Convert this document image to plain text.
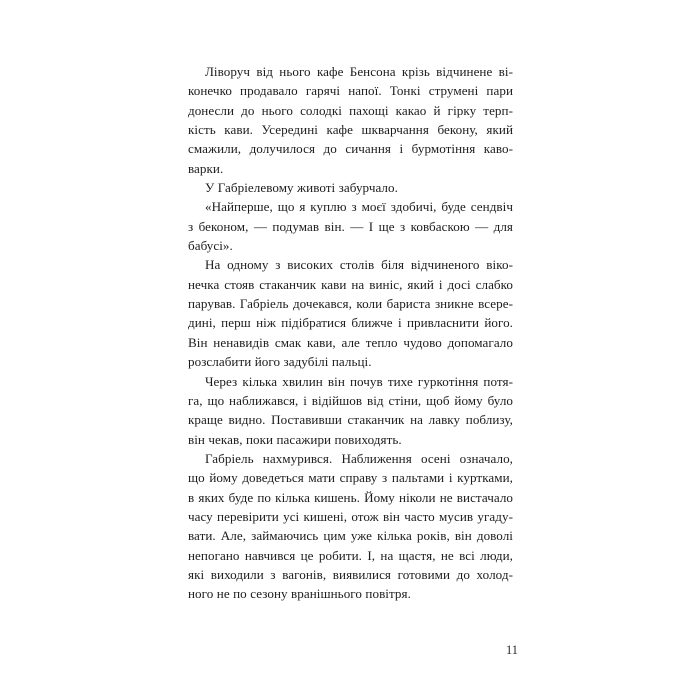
Ліворуч від нього кафе Бенсона крізь відчинене ві-
конечко продавало гарячі напої. Тонкі струмені пари
донесли до нього солодкі пахощі какао й гірку терп-
кість кави. Усередині кафе шкварчання бекону, який
смажили, долучилося до сичання і бурмотіння каво-
варки.

У Габріелевому животі забурчало.

«Найперше, що я куплю з моєї здобичі, буде сендвіч
з беконом, — подумав він. — І ще з ковбаскою — для
бабусі».

На одному з високих столів біля відчиненого віко-
нечка стояв стаканчик кави на виніс, який і досі слабко
парував. Габріель дочекався, коли бариста зникне всере-
дині, перш ніж підібратися ближче і привласнити його.
Він ненавидів смак кави, але тепло чудово допомагало
розслабити його задубілі пальці.

Через кілька хвилин він почув тихе гуркотіння потя-
га, що наближався, і відійшов від стіни, щоб йому було
краще видно. Поставивши стаканчик на лавку поблизу,
він чекав, поки пасажири повиходять.

Габріель нахмурився. Наближення осені означало,
що йому доведеться мати справу з пальтами і куртками,
в яких буде по кілька кишень. Йому ніколи не вистачало
часу перевірити усі кишені, отож він часто мусив угаду-
вати. Але, займаючись цим уже кілька років, він доволі
непогано навчився це робити. І, на щастя, не всі люди,
які виходили з вагонів, виявилися готовими до холод-
ного не по сезону вранішнього повітря.

11
